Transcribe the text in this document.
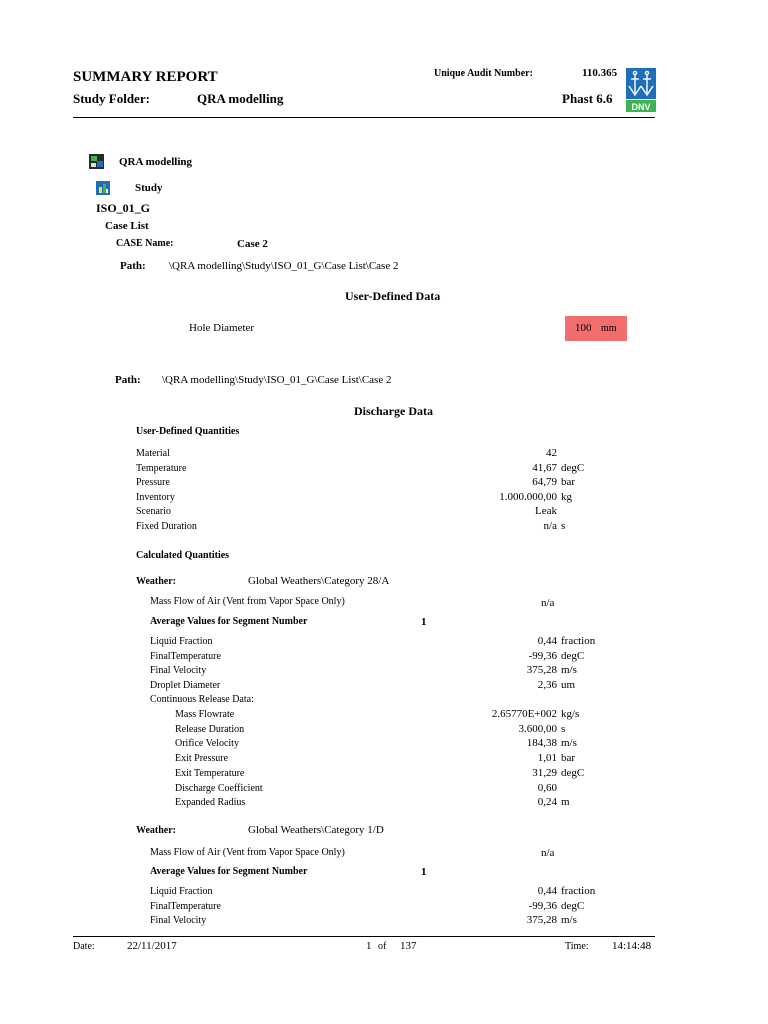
SUMMARY REPORT
Study Folder:	QRA modelling
Unique Audit Number:	110.365
Phast 6.6
DNV
QRA modelling
Study
ISO_01_G
Case List
CASE Name:	Case 2
Path: \QRA modelling\Study\ISO_01_G\Case List\Case 2
User-Defined Data
Hole Diameter	100 mm
Path: \QRA modelling\Study\ISO_01_G\Case List\Case 2
Discharge Data
User-Defined Quantities
Material	42
Temperature	41,67 degC
Pressure	64,79 bar
Inventory	1.000.000,00 kg
Scenario	Leak
Fixed Duration	n/a s
Calculated Quantities
Weather:	Global Weathers\Category 28/A
Mass Flow of Air (Vent from Vapor Space Only)	n/a
Average Values for Segment Number	1
Liquid Fraction	0,44 fraction
FinalTemperature	-99,36 degC
Final Velocity	375,28 m/s
Droplet Diameter	2,36 um
Continuous Release Data:
Mass Flowrate	2.65770E+002 kg/s
Release Duration	3.600,00 s
Orifice Velocity	184,38 m/s
Exit Pressure	1,01 bar
Exit Temperature	31,29 degC
Discharge Coefficient	0,60
Expanded Radius	0,24 m
Weather:	Global Weathers\Category 1/D
Mass Flow of Air (Vent from Vapor Space Only)	n/a
Average Values for Segment Number	1
Liquid Fraction	0,44 fraction
FinalTemperature	-99,36 degC
Final Velocity	375,28 m/s
Date:	22/11/2017	1 of 137	Time: 14:14:48
